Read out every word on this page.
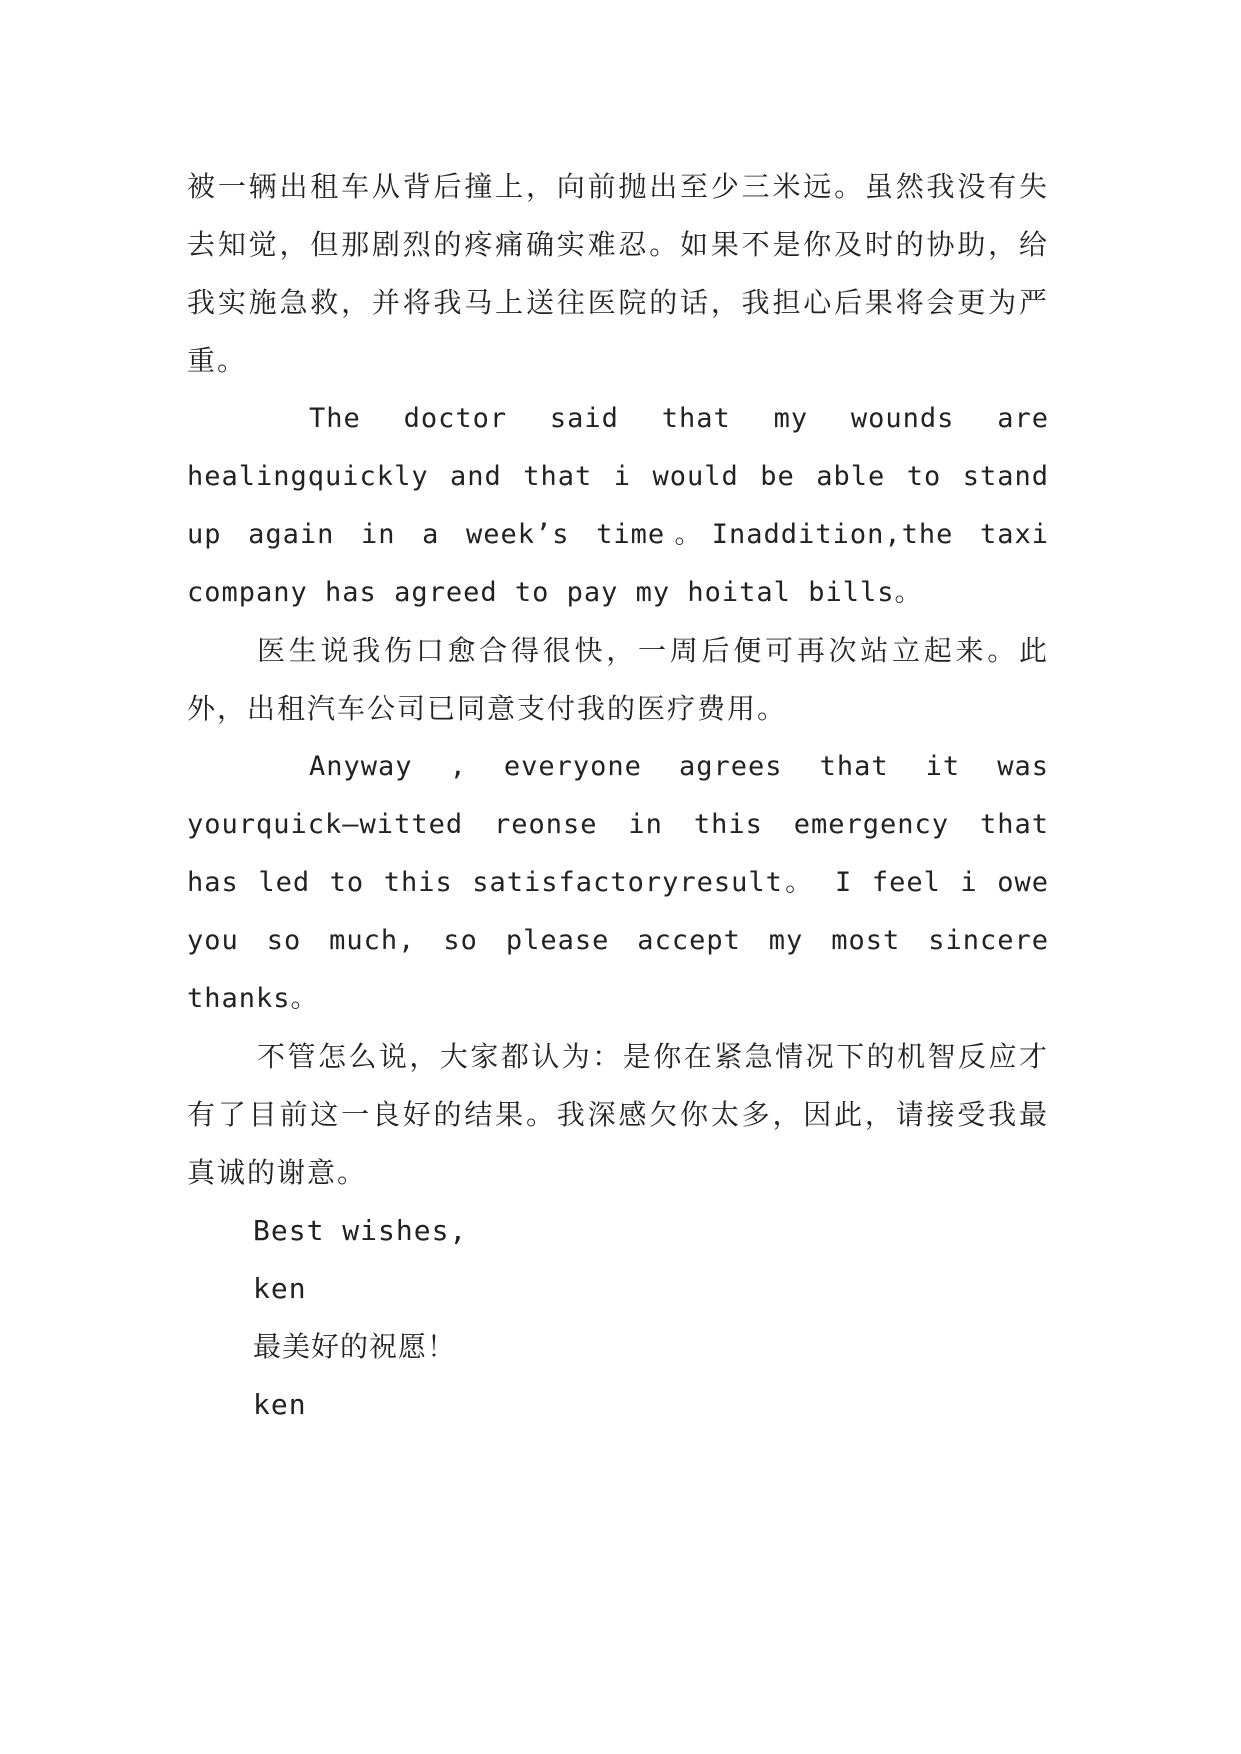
被一辆出租车从背后撞上，向前抛出至少三米远。虽然我没有失去知觉，但那剧烈的疼痛确实难忍。如果不是你及时的协助，给我实施急救，并将我马上送往医院的话，我担心后果将会更为严重。

The doctor said that my wounds are healingquickly and that i would be able to stand up again in a week’s time。Inaddition,the taxi company has agreed to pay my hoital bills。

医生说我伤口愈合得很快，一周后便可再次站立起来。此外，出租汽车公司已同意支付我的医疗费用。

Anyway , everyone agrees that it was yourquick—witted reonse in this emergency that has led to this satisfactoryresult。 I feel i owe you so much, so please accept my most sincere thanks。

不管怎么说，大家都认为：是你在紧急情况下的机智反应才有了目前这一良好的结果。我深感欠你太多，因此，请接受我最真诚的谢意。

Best wishes,

ken

最美好的祝愿！

ken
